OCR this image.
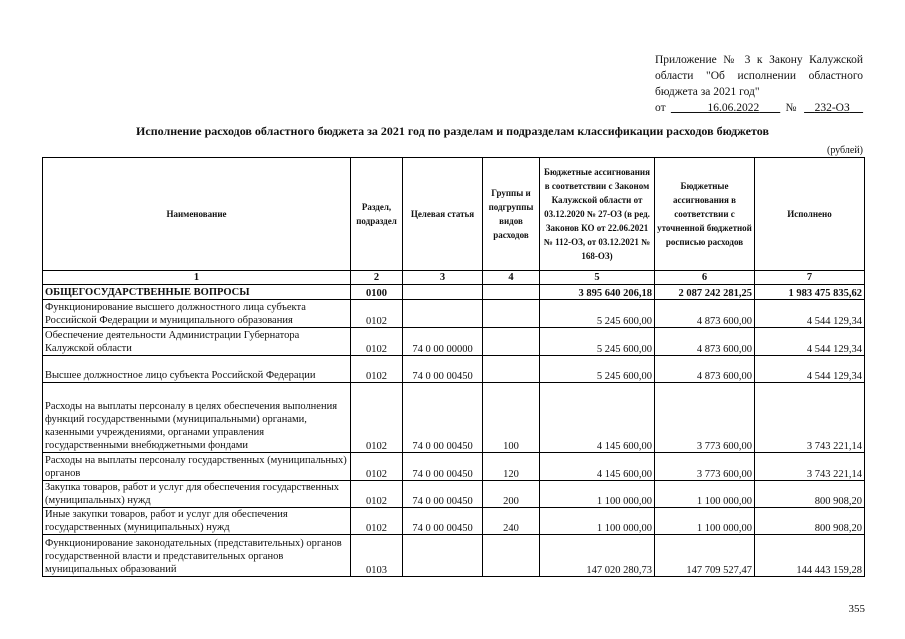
Приложение № 3 к Закону Калужской
области "Об исполнении областного
бюджета за 2021 год"
от	16.06.2022 № 232-ОЗ
Исполнение расходов областного бюджета за 2021 год по разделам и подразделам классификации расходов бюджетов
(рублей)
Наименование	Раздел, подраздел	Целевая статья	Группы и подгруппы видов расходов	Бюджетные ассигнования в соответствии с Законом Калужской области от 03.12.2020 № 27-ОЗ (в ред. Законов КО от 22.06.2021 № 112-ОЗ, от 03.12.2021 № 168-ОЗ)	Бюджетные ассигнования в соответствии с уточненной бюджетной росписью расходов	Исполнено
1	2	3	4	5	6	7
ОБЩЕГОСУДАРСТВЕННЫЕ ВОПРОСЫ	0100			3 895 640 206,18	2 087 242 281,25	1 983 475 835,62
Функционирование высшего должностного лица субъекта Российской Федерации и муниципального образования	0102			5 245 600,00	4 873 600,00	4 544 129,34
Обеспечение деятельности Администрации Губернатора Калужской области	0102	74 0 00 00000		5 245 600,00	4 873 600,00	4 544 129,34
Высшее должностное лицо субъекта Российской Федерации	0102	74 0 00 00450		5 245 600,00	4 873 600,00	4 544 129,34
Расходы на выплаты персоналу в целях обеспечения выполнения функций государственными (муниципальными) органами, казенными учреждениями, органами управления государственными внебюджетными фондами	0102	74 0 00 00450	100	4 145 600,00	3 773 600,00	3 743 221,14
Расходы на выплаты персоналу государственных (муниципальных) органов	0102	74 0 00 00450	120	4 145 600,00	3 773 600,00	3 743 221,14
Закупка товаров, работ и услуг для обеспечения государственных (муниципальных) нужд	0102	74 0 00 00450	200	1 100 000,00	1 100 000,00	800 908,20
Иные закупки товаров, работ и услуг для обеспечения государственных (муниципальных) нужд	0102	74 0 00 00450	240	1 100 000,00	1 100 000,00	800 908,20
Функционирование законодательных (представительных) органов государственной власти и представительных органов муниципальных образований	0103			147 020 280,73	147 709 527,47	144 443 159,28
355
